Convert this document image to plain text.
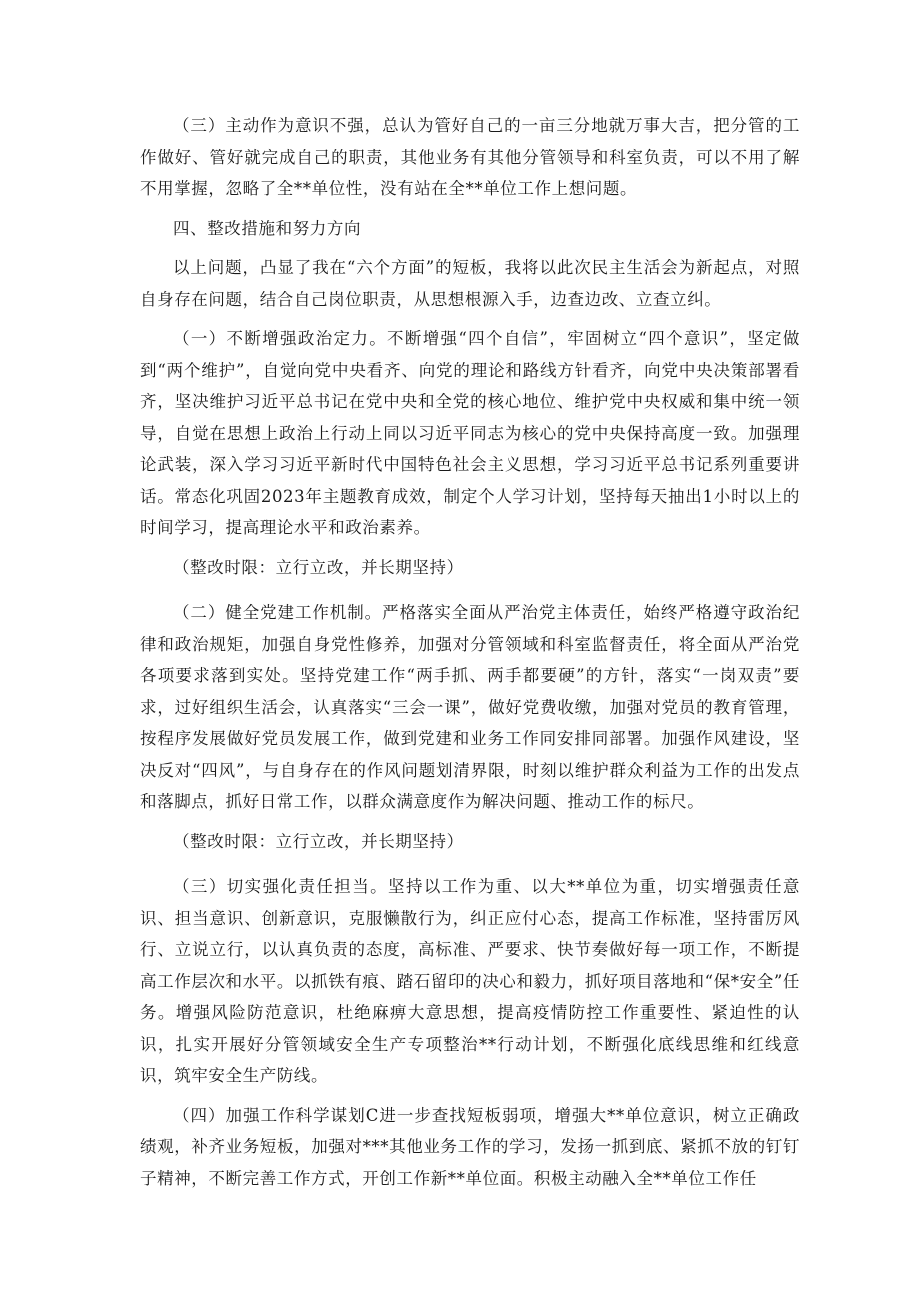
（三）主动作为意识不强，总认为管好自己的一亩三分地就万事大吉，把分管的工作做好、管好就完成自己的职责，其他业务有其他分管领导和科室负责，可以不用了解不用掌握，忽略了全**单位性，没有站在全**单位工作上想问题。

四、整改措施和努力方向

以上问题，凸显了我在“六个方面”的短板，我将以此次民主生活会为新起点，对照自身存在问题，结合自己岗位职责，从思想根源入手，边查边改、立查立纠。

（一）不断增强政治定力。不断增强“四个自信”，牢固树立“四个意识”，坚定做到“两个维护”，自觉向党中央看齐、向党的理论和路线方针看齐，向党中央决策部署看齐，坚决维护习近平总书记在党中央和全党的核心地位、维护党中央权威和集中统一领导，自觉在思想上政治上行动上同以习近平同志为核心的党中央保持高度一致。加强理论武装，深入学习习近平新时代中国特色社会主义思想，学习习近平总书记系列重要讲话。常态化巩固2023年主题教育成效，制定个人学习计划，坚持每天抽出1小时以上的时间学习，提高理论水平和政治素养。

（整改时限：立行立改，并长期坚持）

（二）健全党建工作机制。严格落实全面从严治党主体责任，始终严格遵守政治纪律和政治规矩，加强自身党性修养，加强对分管领域和科室监督责任，将全面从严治党各项要求落到实处。坚持党建工作“两手抓、两手都要硬”的方针，落实“一岗双责”要求，过好组织生活会，认真落实“三会一课”，做好党费收缴，加强对党员的教育管理，按程序发展做好党员发展工作，做到党建和业务工作同安排同部署。加强作风建设，坚决反对“四风”，与自身存在的作风问题划清界限，时刻以维护群众利益为工作的出发点和落脚点，抓好日常工作，以群众满意度作为解决问题、推动工作的标尺。

（整改时限：立行立改，并长期坚持）

（三）切实强化责任担当。坚持以工作为重、以大**单位为重，切实增强责任意识、担当意识、创新意识，克服懒散行为，纠正应付心态，提高工作标准，坚持雷厉风行、立说立行，以认真负责的态度，高标准、严要求、快节奏做好每一项工作，不断提高工作层次和水平。以抓铁有痕、踏石留印的决心和毅力，抓好项目落地和“保*安全”任务。增强风险防范意识，杜绝麻痹大意思想，提高疫情防控工作重要性、紧迫性的认识，扎实开展好分管领域安全生产专项整治**行动计划，不断强化底线思维和红线意识，筑牢安全生产防线。

（四）加强工作科学谋划C进一步查找短板弱项，增强大**单位意识，树立正确政绩观，补齐业务短板，加强对***其他业务工作的学习，发扬一抓到底、紧抓不放的钉钉子精神，不断完善工作方式，开创工作新**单位面。积极主动融入全**单位工作任
